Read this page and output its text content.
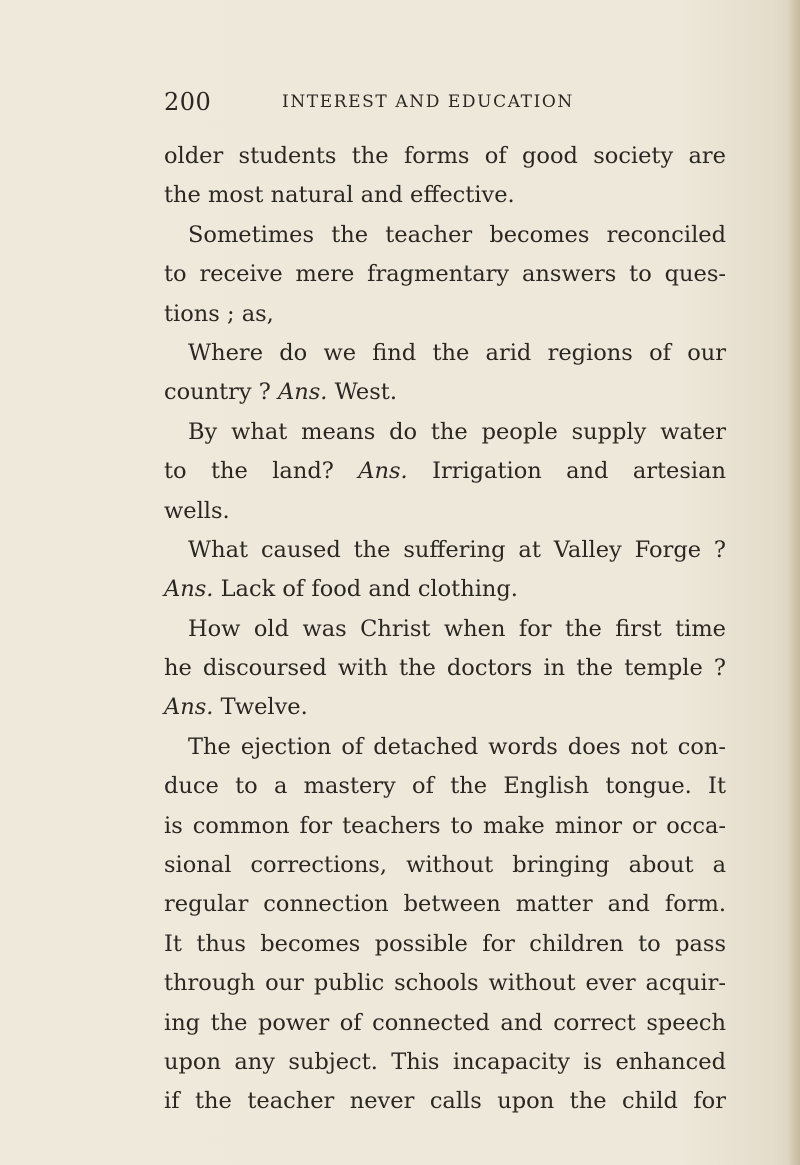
200	INTEREST AND EDUCATION
older students the forms of good society are
the most natural and effective.
Sometimes the teacher becomes reconciled
to receive mere fragmentary answers to ques-
tions ; as,
Where do we find the arid regions of our
country ? Ans. West.
By what means do the people supply water
to the land? Ans. Irrigation and artesian
wells.
What caused the suffering at Valley Forge ?
Ans. Lack of food and clothing.
How old was Christ when for the first time
he discoursed with the doctors in the temple ?
Ans. Twelve.
The ejection of detached words does not con-
duce to a mastery of the English tongue. It
is common for teachers to make minor or occa-
sional corrections, without bringing about a
regular connection between matter and form.
It thus becomes possible for children to pass
through our public schools without ever acquir-
ing the power of connected and correct speech
upon any subject. This incapacity is enhanced
if the teacher never calls upon the child for
